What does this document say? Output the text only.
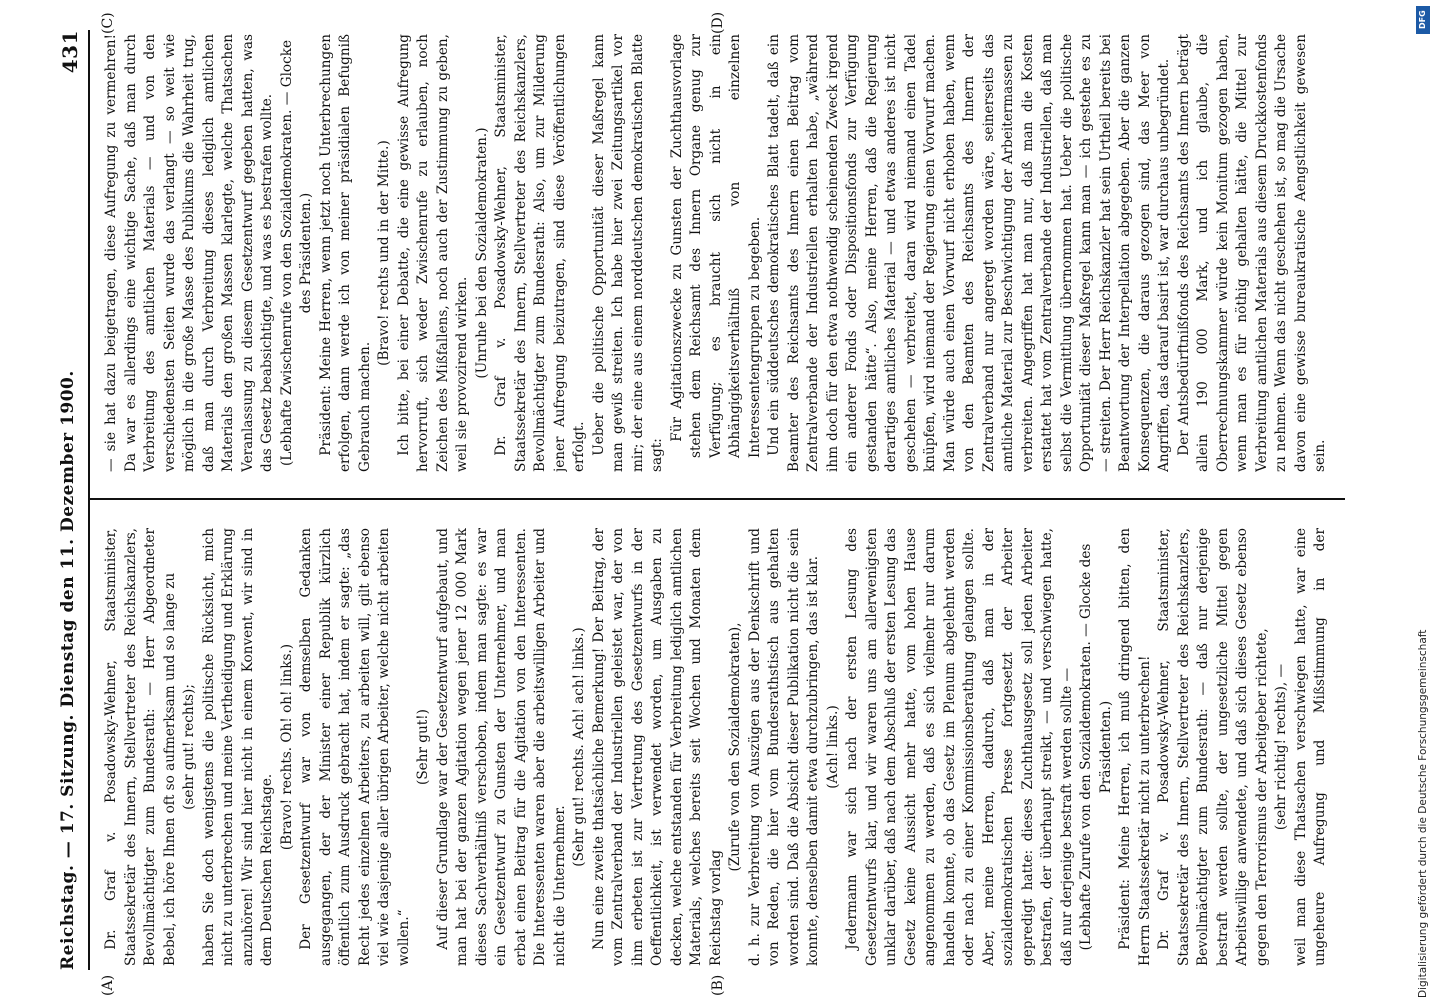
Reichstag. — 17. Sitzung. Dienstag den 11. Dezember 1900.
431
(A)	(B)
(C)	(D)

Dr. Graf v. Posadowsky-Wehner, Staatsminister, Staatssekretär des Innern, Stellvertreter des Reichskanzlers, Bevollmächtigter zum Bundesrath: — Herr Abgeordneter Bebel, ich höre Ihnen oft so aufmerksam und so lange zu (sehr gut! rechts); haben Sie doch wenigstens die politische Rücksicht, mich nicht zu unterbrechen und meine Vertheidigung und Erklärung anzuhören! Wir sind hier nicht in einem Konvent, wir sind in dem Deutschen Reichstage.

(Bravo! rechts. Oh! oh! links.) Der Gesetzentwurf war von demselben Gedanken ausgegangen, der der Minister einer Republik kürzlich öffentlich zum Ausdruck gebracht hat, indem er sagte: „das Recht jedes einzelnen Arbeiters, zu arbeiten will, gilt ebenso viel wie dasjenige aller übrigen Arbeiter, welche nicht arbeiten wollen.“

(Sehr gut!) Auf dieser Grundlage war der Gesetzentwurf aufgebaut, und man hat bei der ganzen Agitation wegen jener 12 000 Mark dieses Sachverhältniß verschoben, indem man sagte: es war ein Gesetzentwurf zu Gunsten der Unternehmer, und man erbat einen Beitrag für die Agitation von den Interessenten. Die Interessenten waren aber die arbeitswilligen Arbeiter und nicht die Unternehmer.

(Sehr gut! rechts. Ach! ach! links.) Nun eine zweite thatsächliche Bemerkung! Der Beitrag, der vom Zentralverband der Industriellen geleistet war, der von ihm erbeten ist zur Vertretung des Gesetzentwurfs in der Oeffentlichkeit, ist verwendet worden, um Ausgaben zu decken, welche entstanden für Verbreitung lediglich amtlichen Materials, welches bereits seit Wochen und Monaten dem Reichstag vorlag

(Zurufe von den Sozialdemokraten), d. h. zur Verbreitung von Auszügen aus der Denkschrift und von Reden, die hier vom Bundesrathstisch aus gehalten worden sind. Daß die Absicht dieser Publikation nicht die sein konnte, denselben damit etwa durchzubringen, das ist klar. (Ach! links.) Jedermann war sich nach der ersten Lesung des Gesetzentwurfs klar, und wir waren uns am allerwenigsten unklar darüber, daß nach dem Abschluß der ersten Lesung das Gesetz keine Aussicht mehr hatte, vom hohen Hause angenommen zu werden, daß es sich vielmehr nur darum handeln konnte, ob das Gesetz im Plenum abgelehnt werden oder nach zu einer Kommissionsberathung gelangen sollte. Aber, meine Herren, dadurch, daß man in der sozialdemokratischen Presse fortgesetzt der Arbeiter gepredigt hatte: dieses Zuchthausgesetz soll jeden Arbeiter bestrafen, der überhaupt streikt, — und verschwiegen hatte, daß nur derjenige bestraft werden sollte — (Lebhafte Zurufe von den Sozialdemokraten. — Glocke des Präsidenten.) Präsident: Meine Herren, ich muß dringend bitten, den Herrn Staatssekretär nicht zu unterbrechen! Dr. Graf v. Posadowsky-Wehner, Staatsminister, Staatssekretär des Innern, Stellvertreter des Reichskanzlers, Bevollmächtigter zum Bundesrath: — daß nur derjenige bestraft werden sollte, der ungesetzliche Mittel gegen Arbeitswillige anwendete, und daß sich dieses Gesetz ebenso gegen den Terrorismus der Arbeitgeber richtete, (sehr richtig! rechts), —

weil man diese Thatsachen verschwiegen hatte, war eine ungeheure Aufregung und Mißstimmung in der

— sie hat dazu beigetragen, diese Aufregung zu vermehren! Da war es allerdings eine wichtige Sache, daß man durch Verbreitung des amtlichen Materials — und von den verschiedensten Seiten wurde das verlangt — so weit wie möglich in die große Masse des Publikums die Wahrheit trug, daß man durch Verbreitung dieses lediglich amtlichen Materials den großen Massen klarlegte, welche Thatsachen Veranlassung zu diesem Gesetzentwurf gegeben hatten, was das Gesetz beabsichtigte, und was es bestrafen wollte. (Lebhafte Zwischenrufe von den Sozialdemokraten. — Glocke des Präsidenten.) Präsident: Meine Herren, wenn jetzt noch Unterbrechungen erfolgen, dann werde ich von meiner präsidialen Befugniß Gebrauch machen.

(Bravo! rechts und in der Mitte.) Ich bitte, bei einer Debatte, die eine gewisse Aufregung hervorruft, sich weder Zwischenrufe zu erlauben, noch Zeichen des Mißfallens, noch auch der Zustimmung zu geben, weil sie provozirend wirken. (Unruhe bei den Sozialdemokraten.) Dr. Graf v. Posadowsky-Wehner, Staatsminister, Staatssekretär des Innern, Stellvertreter des Reichskanzlers, Bevollmächtigter zum Bundesrath: Also, um zur Milderung jener Aufregung beizutragen, sind diese Veröffentlichungen erfolgt. Ueber die politische Opportunität dieser Maßregel kann man gewiß streiten. Ich habe hier zwei Zeitungsartikel vor mir; der eine aus einem norddeutschen demokratischen Blatte sagt:

Für Agitationszwecke zu Gunsten der Zuchthausvorlage stehen dem Reichsamt des Innern Organe genug zur Verfügung; es braucht sich nicht in ein Abhängigkeitsverhältniß von einzelnen Interessentengruppen zu begeben. Und ein süddeutsches demokratisches Blatt tadelt, daß ein Beamter des Reichsamts des Innern einen Beitrag vom Zentralverbande der Industriellen erhalten habe, „während ihm doch für den etwa nothwendig scheinenden Zweck irgend ein anderer Fonds oder Dispositionsfonds zur Verfügung gestanden hätte“. Also, meine Herren, daß die Regierung derartiges amtliches Material — und etwas anderes ist nicht geschehen — verbreitet, daran wird niemand einen Tadel knüpfen, wird niemand der Regierung einen Vorwurf machen. Man würde auch einen Vorwurf nicht erhoben haben, wenn von den Beamten des Reichsamts des Innern der Zentralverband nur angeregt worden wäre, seinerseits das amtliche Material zur Beschwichtigung der Arbeitermassen zu verbreiten. Angegriffen hat man nur, daß man die Kosten erstattet hat vom Zentralverbande der Industriellen, daß man selbst die Vermittlung übernommen hat. Ueber die politische Opportunität dieser Maßregel kann man — ich gestehe es zu — streiten. Der Herr Reichskanzler hat sein Urtheil bereits bei Beantwortung der Interpellation abgegeben. Aber die ganzen Konsequenzen, die daraus gezogen sind, das Meer von Angriffen, das darauf basirt ist, war durchaus unbegründet. Der Antsbedürftnißfonds des Reichsamts des Innern beträgt allein 190 000 Mark, und ich glaube, die Oberrechnungskammer würde kein Monitum gezogen haben, wenn man es für nöthig gehalten hätte, die Mittel zur Verbreitung amtlichen Materials aus diesem Druckkostenfonds zu nehmen. Wenn das nicht geschehen ist, so mag die Ursache davon eine gewisse bureaukratische Aengstlichkeit gewesen sein.

DFG
Digitalisierung gefördert durch die Deutsche Forschungsgemeinschaft
